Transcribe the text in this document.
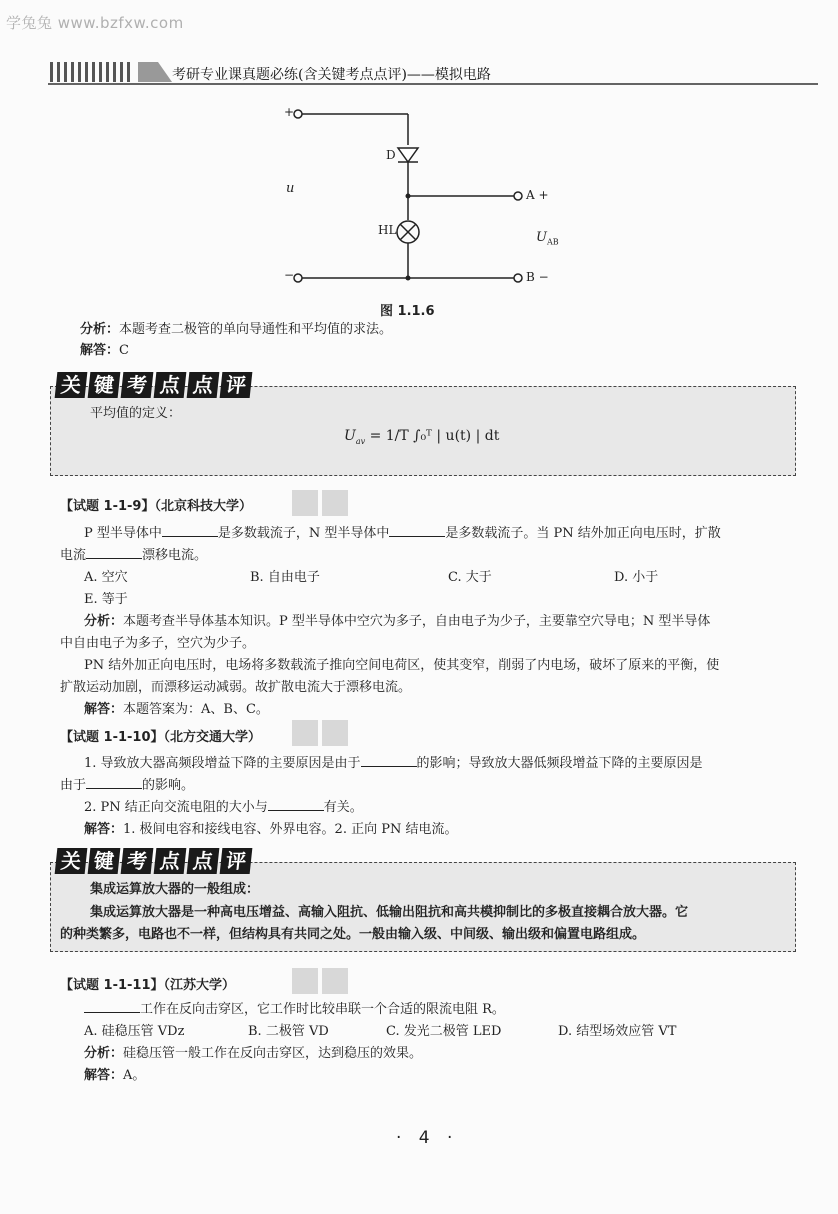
学兔兔 www.bzfxw.com
考研专业课真题必练(含关键考点点评)——模拟电路
+
−
u
D
HL
A +
B −
$U_{AB}$
图 1.1.6
分析：本题考查二极管的单向导通性和平均值的求法。
解答：C
关 键 考 点 点 评
平均值的定义：
$U_{av} = 1/T$ ∫₀ᵀ | u(t) | dt
【试题 1-1-9】（北京科技大学）
P 型半导体中	是多数载流子，N 型半导体中	是多数载流子。当 PN 结外加正向电压时，扩散
电流	漂移电流。
A. 空穴	B. 自由电子	C. 大于	D. 小于
E. 等于
分析：本题考查半导体基本知识。P 型半导体中空穴为多子，自由电子为少子，主要靠空穴导电；N 型半导体
中自由电子为多子，空穴为少子。
PN 结外加正向电压时，电场将多数载流子推向空间电荷区，使其变窄，削弱了内电场，破坏了原来的平衡，使
扩散运动加剧，而漂移运动减弱。故扩散电流大于漂移电流。
解答：本题答案为：A、B、C。
【试题 1-1-10】（北方交通大学）
1. 导致放大器高频段增益下降的主要原因是由于	的影响；导致放大器低频段增益下降的主要原因是
由于	的影响。
2. PN 结正向交流电阻的大小与	有关。
解答：1. 极间电容和接线电容、外界电容。2. 正向 PN 结电流。
关 键 考 点 点 评
集成运算放大器的一般组成：
集成运算放大器是一种高电压增益、高输入阻抗、低输出阻抗和高共模抑制比的多极直接耦合放大器。它
的种类繁多，电路也不一样，但结构具有共同之处。一般由输入级、中间级、输出级和偏置电路组成。
【试题 1-1-11】（江苏大学）
工作在反向击穿区，它工作时比较串联一个合适的限流电阻 R。
A. 硅稳压管 VDz	B. 二极管 VD	C. 发光二极管 LED	D. 结型场效应管 VT
分析：硅稳压管一般工作在反向击穿区，达到稳压的效果。
解答：A。
· 4 ·
